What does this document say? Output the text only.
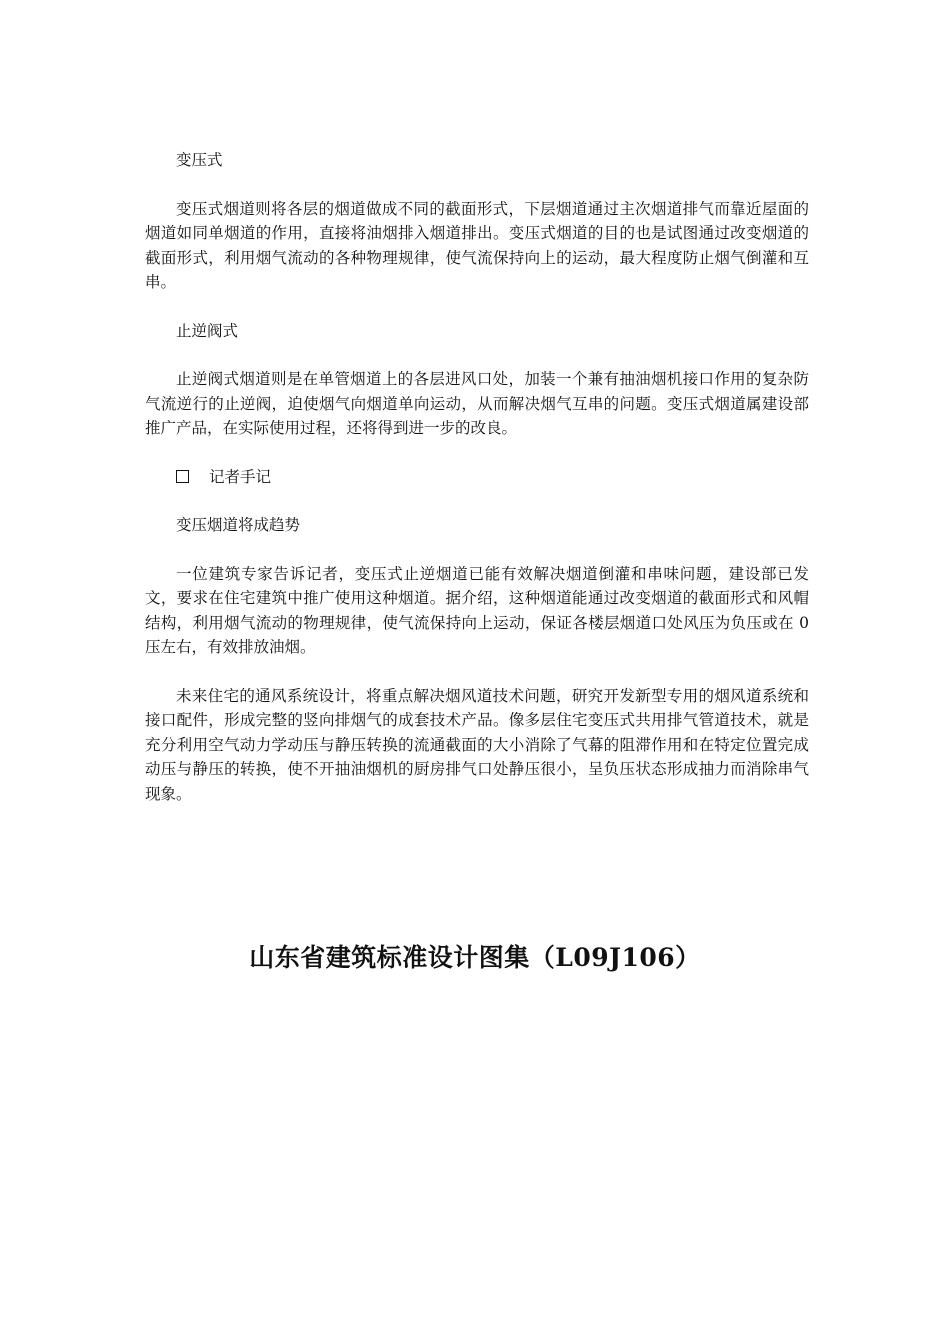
变压式

变压式烟道则将各层的烟道做成不同的截面形式，下层烟道通过主次烟道排气而靠近屋面的烟道如同单烟道的作用，直接将油烟排入烟道排出。变压式烟道的目的也是试图通过改变烟道的截面形式，利用烟气流动的各种物理规律，使气流保持向上的运动，最大程度防止烟气倒灌和互串。

止逆阀式

止逆阀式烟道则是在单管烟道上的各层进风口处，加装一个兼有抽油烟机接口作用的复杂防气流逆行的止逆阀，迫使烟气向烟道单向运动，从而解决烟气互串的问题。变压式烟道属建设部推广产品，在实际使用过程，还将得到进一步的改良。

记者手记

变压烟道将成趋势

一位建筑专家告诉记者，变压式止逆烟道已能有效解决烟道倒灌和串味问题，建设部已发文，要求在住宅建筑中推广使用这种烟道。据介绍，这种烟道能通过改变烟道的截面形式和风帽结构，利用烟气流动的物理规律，使气流保持向上运动，保证各楼层烟道口处风压为负压或在 0 压左右，有效排放油烟。

未来住宅的通风系统设计，将重点解决烟风道技术问题，研究开发新型专用的烟风道系统和接口配件，形成完整的竖向排烟气的成套技术产品。像多层住宅变压式共用排气管道技术，就是充分利用空气动力学动压与静压转换的流通截面的大小消除了气幕的阻滞作用和在特定位置完成动压与静压的转换，使不开抽油烟机的厨房排气口处静压很小，呈负压状态形成抽力而消除串气现象。

山东省建筑标准设计图集（L09J106）
